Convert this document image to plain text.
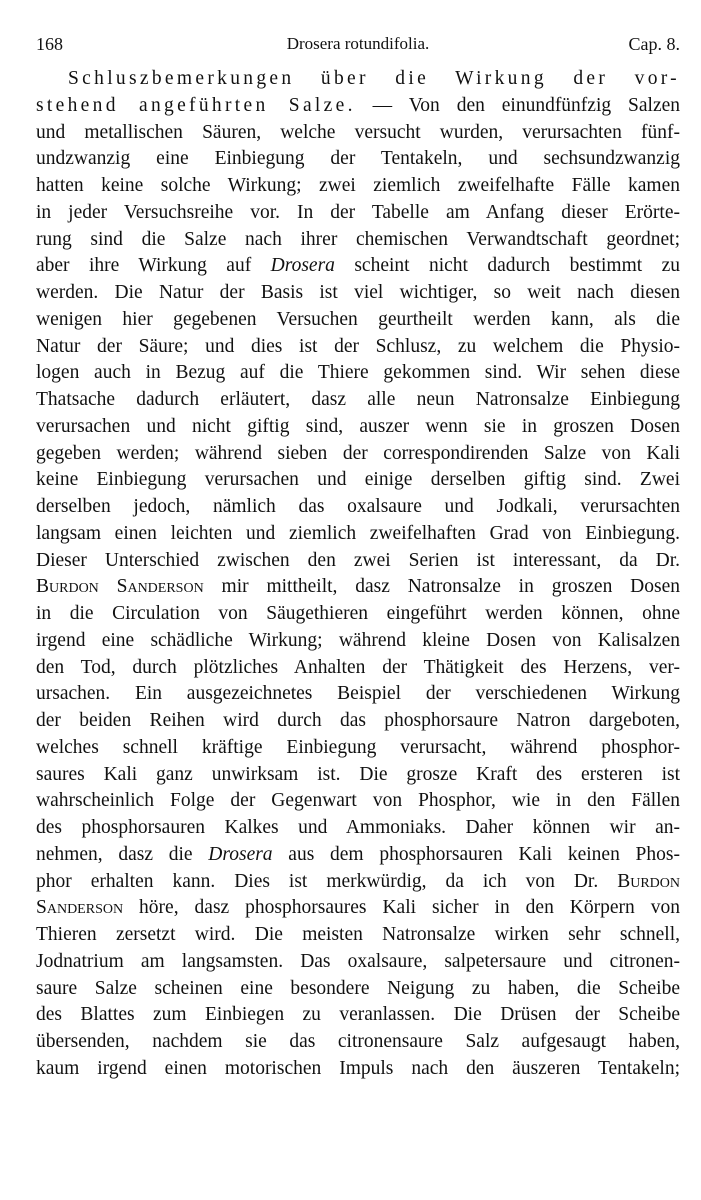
168	Drosera rotundifolia.	Cap. 8.
Schluszbemerkungen über die Wirkung der vor-
stehend angeführten Salze. — Von den einundfünfzig Salzen
und metallischen Säuren, welche versucht wurden, verursachten fünf-
undzwanzig eine Einbiegung der Tentakeln, und sechsundzwanzig
hatten keine solche Wirkung; zwei ziemlich zweifelhafte Fälle kamen
in jeder Versuchsreihe vor. In der Tabelle am Anfang dieser Erörte-
rung sind die Salze nach ihrer chemischen Verwandtschaft geordnet;
aber ihre Wirkung auf Drosera scheint nicht dadurch bestimmt zu
werden. Die Natur der Basis ist viel wichtiger, so weit nach diesen
wenigen hier gegebenen Versuchen geurtheilt werden kann, als die
Natur der Säure; und dies ist der Schlusz, zu welchem die Physio-
logen auch in Bezug auf die Thiere gekommen sind. Wir sehen diese
Thatsache dadurch erläutert, dasz alle neun Natronsalze Einbiegung
verursachen und nicht giftig sind, auszer wenn sie in groszen Dosen
gegeben werden; während sieben der correspondirenden Salze von Kali
keine Einbiegung verursachen und einige derselben giftig sind. Zwei
derselben jedoch, nämlich das oxalsaure und Jodkali, verursachten
langsam einen leichten und ziemlich zweifelhaften Grad von Einbiegung.
Dieser Unterschied zwischen den zwei Serien ist interessant, da Dr.
Burdon Sanderson mir mittheilt, dasz Natronsalze in groszen Dosen
in die Circulation von Säugethieren eingeführt werden können, ohne
irgend eine schädliche Wirkung; während kleine Dosen von Kalisalzen
den Tod, durch plötzliches Anhalten der Thätigkeit des Herzens, ver-
ursachen. Ein ausgezeichnetes Beispiel der verschiedenen Wirkung
der beiden Reihen wird durch das phosphorsaure Natron dargeboten,
welches schnell kräftige Einbiegung verursacht, während phosphor-
saures Kali ganz unwirksam ist. Die grosze Kraft des ersteren ist
wahrscheinlich Folge der Gegenwart von Phosphor, wie in den Fällen
des phosphorsauren Kalkes und Ammoniaks. Daher können wir an-
nehmen, dasz die Drosera aus dem phosphorsauren Kali keinen Phos-
phor erhalten kann. Dies ist merkwürdig, da ich von Dr. Burdon
Sanderson höre, dasz phosphorsaures Kali sicher in den Körpern von
Thieren zersetzt wird. Die meisten Natronsalze wirken sehr schnell,
Jodnatrium am langsamsten. Das oxalsaure, salpetersaure und citronen-
saure Salze scheinen eine besondere Neigung zu haben, die Scheibe
des Blattes zum Einbiegen zu veranlassen. Die Drüsen der Scheibe
übersenden, nachdem sie das citronensaure Salz aufgesaugt haben,
kaum irgend einen motorischen Impuls nach den äuszeren Tentakeln;
